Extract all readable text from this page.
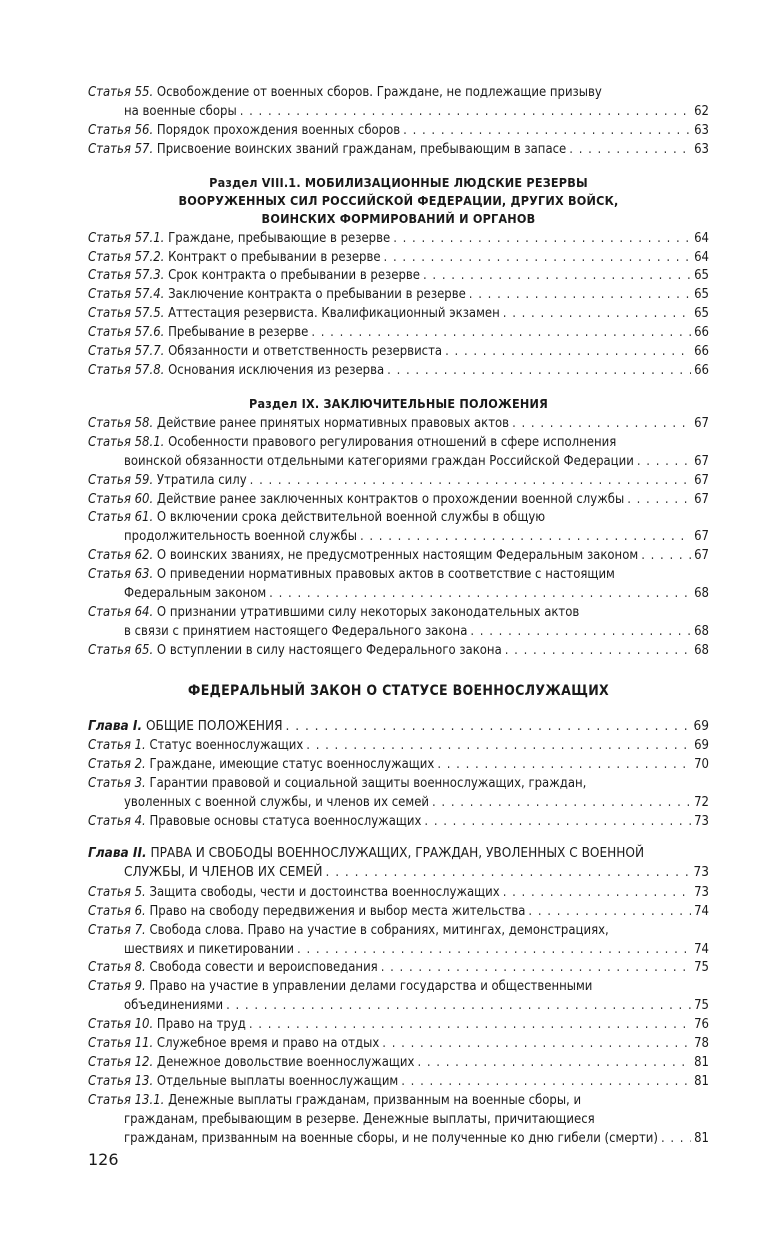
Статья 55. Освобождение от военных сборов. Граждане, не подлежащие призыву
на военные сборы . . .	62
Статья 56. Порядок прохождения военных сборов . . .	63
Статья 57. Присвоение воинских званий гражданам, пребывающим в запасе . . .	63
Раздел VIII.1. МОБИЛИЗАЦИОННЫЕ ЛЮДСКИЕ РЕЗЕРВЫ
ВООРУЖЕННЫХ СИЛ РОССИЙСКОЙ ФЕДЕРАЦИИ, ДРУГИХ ВОЙСК,
ВОИНСКИХ ФОРМИРОВАНИЙ И ОРГАНОВ
Статья 57.1. Граждане, пребывающие в резерве . . .	64
Статья 57.2. Контракт о пребывании в резерве . . .	64
Статья 57.3. Срок контракта о пребывании в резерве . . .	65
Статья 57.4. Заключение контракта о пребывании в резерве . . .	65
Статья 57.5. Аттестация резервиста. Квалификационный экзамен . . .	65
Статья 57.6. Пребывание в резерве . . .	66
Статья 57.7. Обязанности и ответственность резервиста . . .	66
Статья 57.8. Основания исключения из резерва . . .	66
Раздел IX. ЗАКЛЮЧИТЕЛЬНЫЕ ПОЛОЖЕНИЯ
Статья 58. Действие ранее принятых нормативных правовых актов . . .	67
Статья 58.1. Особенности правового регулирования отношений в сфере исполнения
воинской обязанности отдельными категориями граждан Российской Федерации . . .	67
Статья 59. Утратила силу . . .	67
Статья 60. Действие ранее заключенных контрактов о прохождении военной службы . . .	67
Статья 61. О включении срока действительной военной службы в общую
продолжительность военной службы . . .	67
Статья 62. О воинских званиях, не предусмотренных настоящим Федеральным законом . . .	67
Статья 63. О приведении нормативных правовых актов в соответствие с настоящим
Федеральным законом . . .	68
Статья 64. О признании утратившими силу некоторых законодательных актов
в связи с принятием настоящего Федерального закона . . .	68
Статья 65. О вступлении в силу настоящего Федерального закона . . .	68
ФЕДЕРАЛЬНЫЙ ЗАКОН О СТАТУСЕ ВОЕННОСЛУЖАЩИХ
Глава I. ОБЩИЕ ПОЛОЖЕНИЯ . . .	69
Статья 1. Статус военнослужащих . . .	69
Статья 2. Граждане, имеющие статус военнослужащих . . .	70
Статья 3. Гарантии правовой и социальной защиты военнослужащих, граждан,
уволенных с военной службы, и членов их семей . . .	72
Статья 4. Правовые основы статуса военнослужащих . . .	73
Глава II. ПРАВА И СВОБОДЫ ВОЕННОСЛУЖАЩИХ, ГРАЖДАН, УВОЛЕННЫХ С ВОЕННОЙ
СЛУЖБЫ, И ЧЛЕНОВ ИХ СЕМЕЙ . . .	73
Статья 5. Защита свободы, чести и достоинства военнослужащих . . .	73
Статья 6. Право на свободу передвижения и выбор места жительства . . .	74
Статья 7. Свобода слова. Право на участие в собраниях, митингах, демонстрациях,
шествиях и пикетировании . . .	74
Статья 8. Свобода совести и вероисповедания . . .	75
Статья 9. Право на участие в управлении делами государства и общественными
объединениями . . .	75
Статья 10. Право на труд . . .	76
Статья 11. Служебное время и право на отдых . . .	78
Статья 12. Денежное довольствие военнослужащих . . .	81
Статья 13. Отдельные выплаты военнослужащим . . .	81
Статья 13.1. Денежные выплаты гражданам, призванным на военные сборы, и
гражданам, пребывающим в резерве. Денежные выплаты, причитающиеся
гражданам, призванным на военные сборы, и не полученные ко дню гибели (смерти) . . .	81
126
